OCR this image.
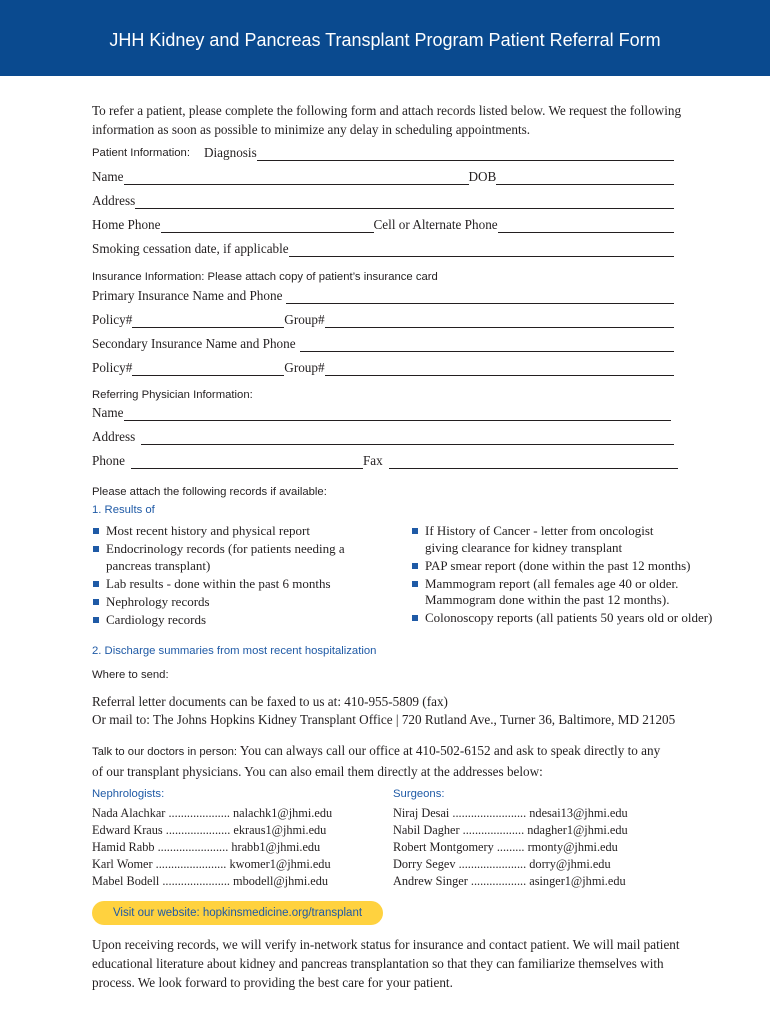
JHH Kidney and Pancreas Transplant Program Patient Referral Form
To refer a patient, please complete the following form and attach records listed below. We request the following information as soon as possible to minimize any delay in scheduling appointments.
Patient Information: Diagnosis
Name	DOB
Address
Home Phone	Cell or Alternate Phone
Smoking cessation date, if applicable
Insurance Information: Please attach copy of patient’s insurance card
Primary Insurance Name and Phone
Policy#	Group#
Secondary Insurance Name and Phone
Policy#	Group#
Referring Physician Information:
Name
Address
Phone	Fax
Please attach the following records if available:
1. Results of
Most recent history and physical report
Endocrinology records (for patients needing a pancreas transplant)
Lab results - done within the past 6 months
Nephrology records
Cardiology records
If History of Cancer - letter from oncologist giving clearance for kidney transplant
PAP smear report (done within the past 12 months)
Mammogram report (all females age 40 or older. Mammogram done within the past 12 months).
Colonoscopy reports (all patients 50 years old or older)
2. Discharge summaries from most recent hospitalization
Where to send:
Referral letter documents can be faxed to us at: 410-955-5809 (fax)
Or mail to: The Johns Hopkins Kidney Transplant Office | 720 Rutland Ave., Turner 36, Baltimore, MD 21205
Talk to our doctors in person: You can always call our office at 410-502-6152 and ask to speak directly to any of our transplant physicians. You can also email them directly at the addresses below:
Nephrologists:
Nada Alachkar .................... nalachk1@jhmi.edu
Edward Kraus ..................... ekraus1@jhmi.edu
Hamid Rabb ....................... hrabb1@jhmi.edu
Karl Womer ....................... kwomer1@jhmi.edu
Mabel Bodell ...................... mbodell@jhmi.edu
Surgeons:
Niraj Desai ........................ ndesai13@jhmi.edu
Nabil Dagher .................... ndagher1@jhmi.edu
Robert Montgomery ......... rmonty@jhmi.edu
Dorry Segev ...................... dorry@jhmi.edu
Andrew Singer .................. asinger1@jhmi.edu
Visit our website: hopkinsmedicine.org/transplant
Upon receiving records, we will verify in-network status for insurance and contact patient. We will mail patient educational literature about kidney and pancreas transplantation so that they can familiarize themselves with process. We look forward to providing the best care for your patient.
